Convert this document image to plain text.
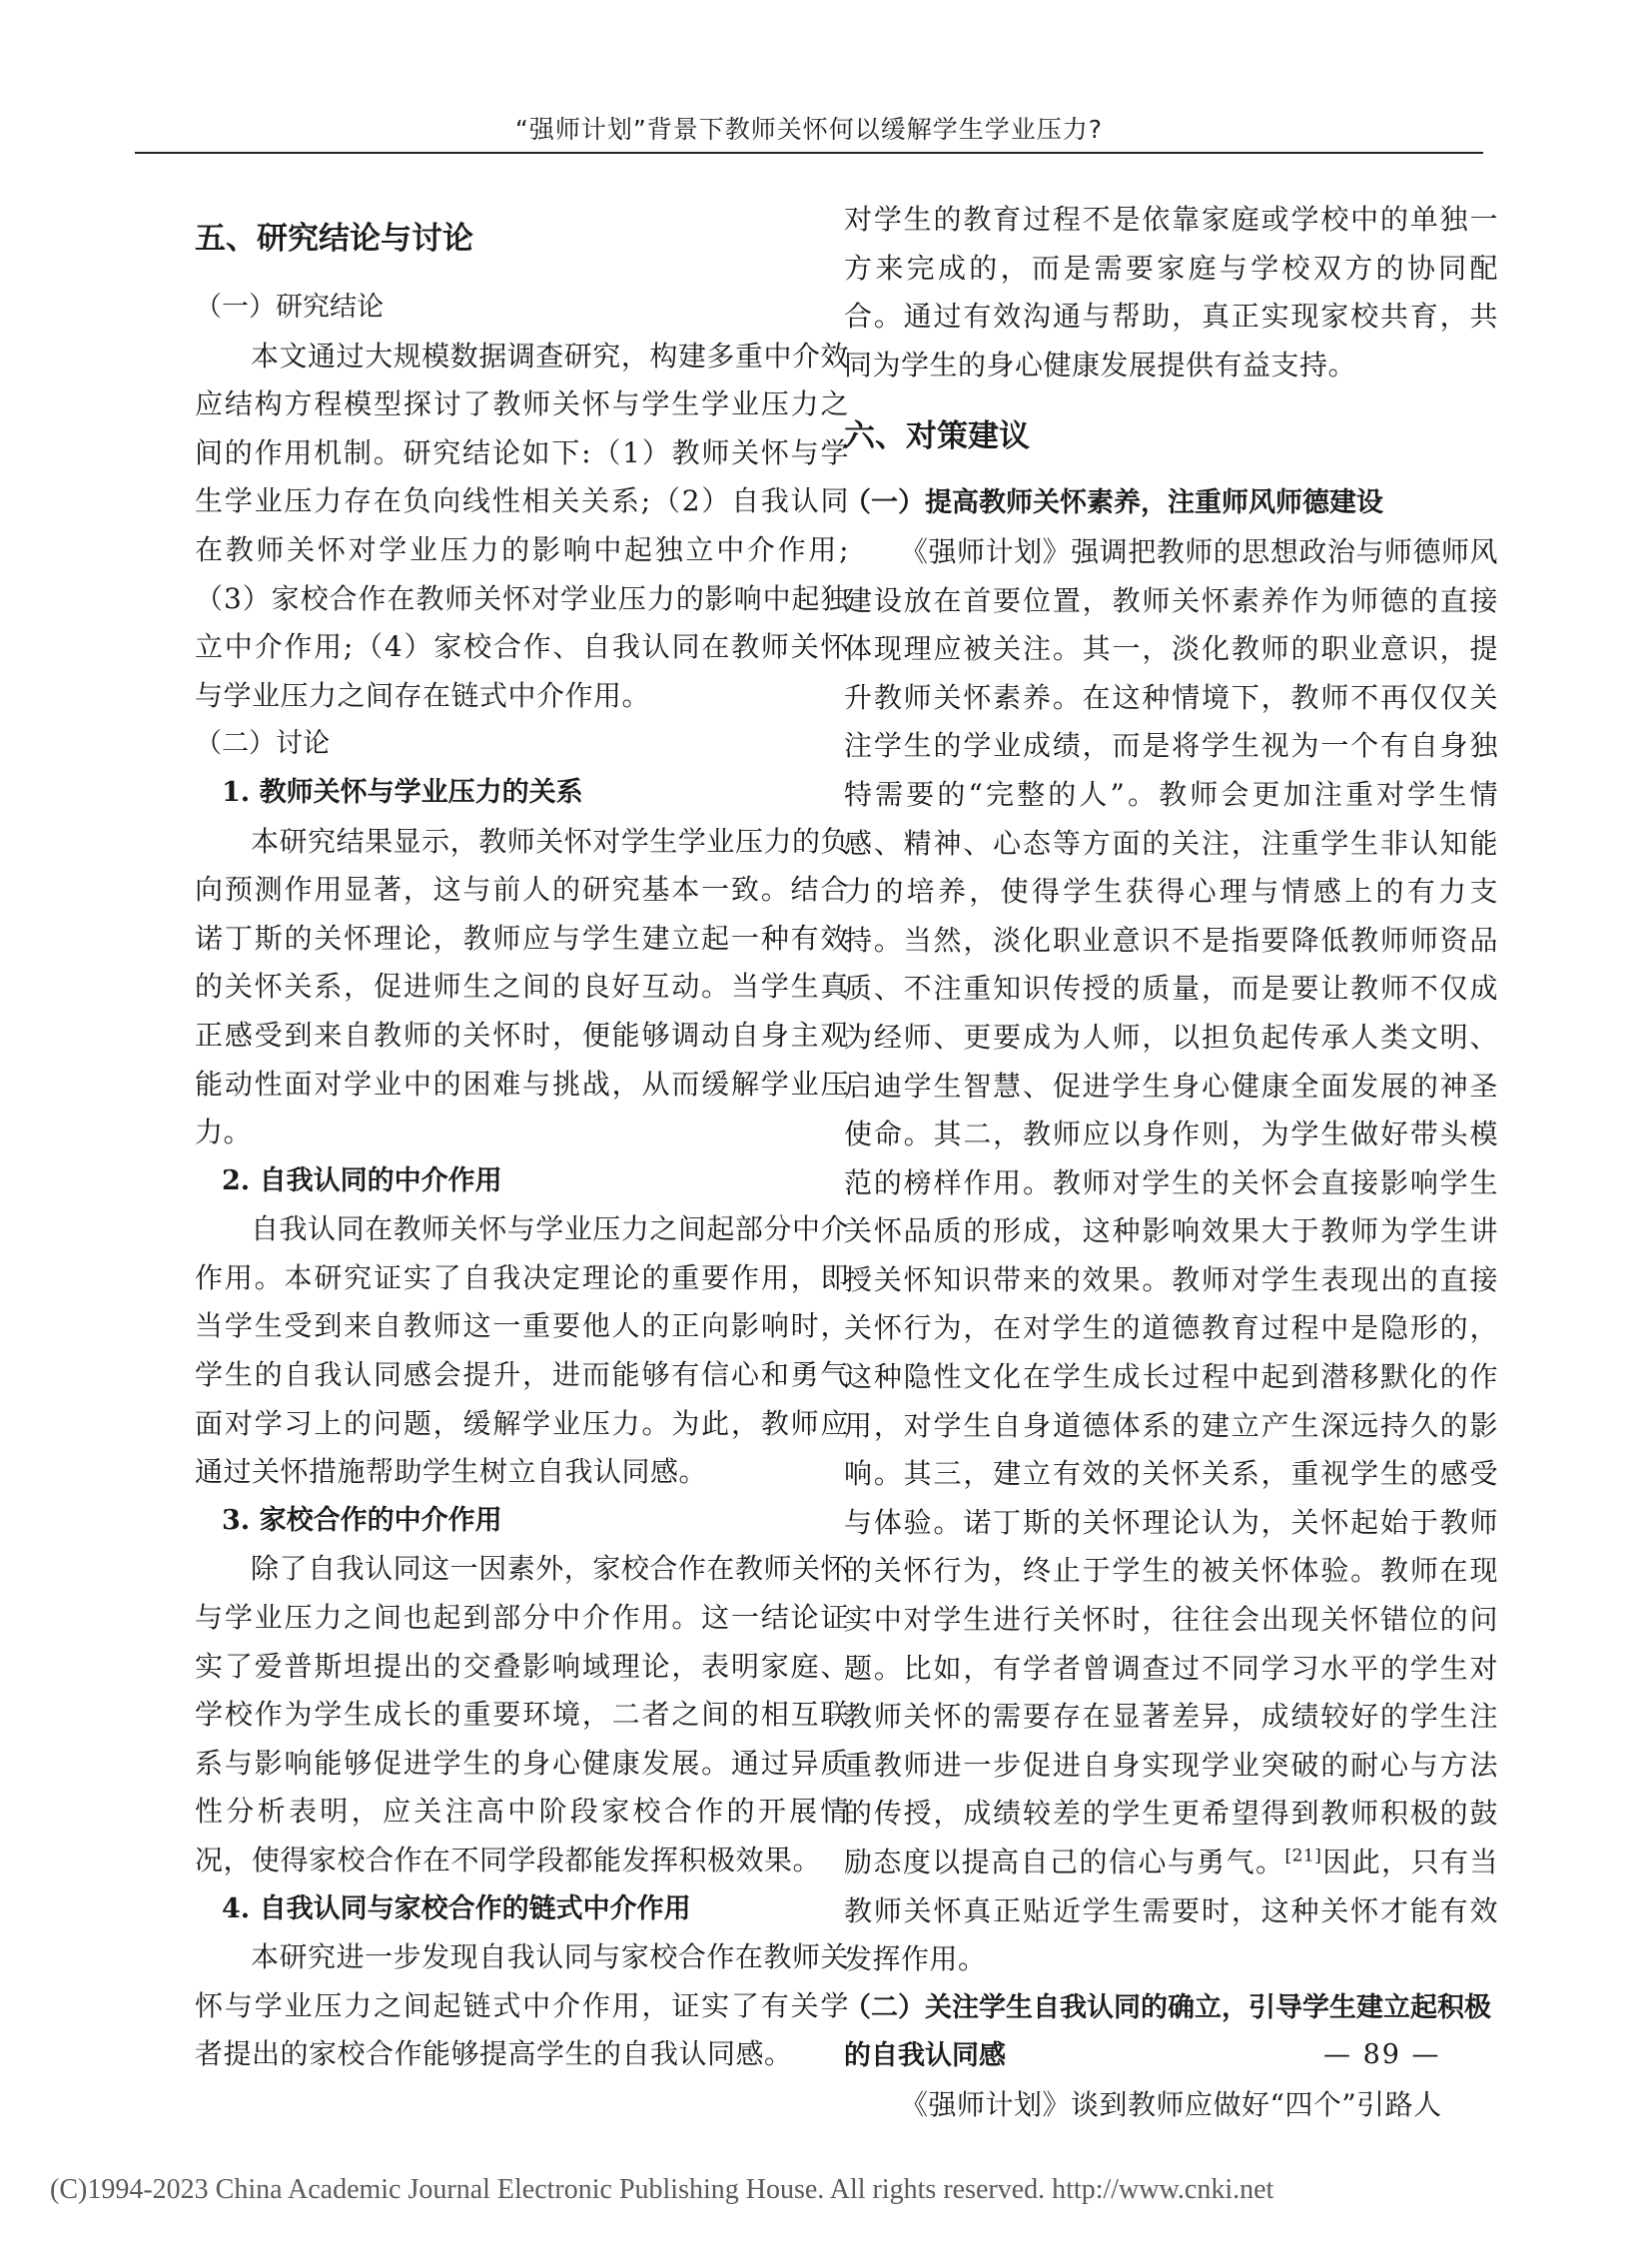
“强师计划”背景下教师关怀何以缓解学生学业压力?
五、研究结论与讨论
（一）研究结论

本文通过大规模数据调查研究，构建多重中介效应结构方程模型探讨了教师关怀与学生学业压力之间的作用机制。研究结论如下:（1）教师关怀与学生学业压力存在负向线性相关关系;（2）自我认同在教师关怀对学业压力的影响中起独立中介作用;（3）家校合作在教师关怀对学业压力的影响中起独立中介作用;（4）家校合作、自我认同在教师关怀与学业压力之间存在链式中介作用。

（二）讨论
1. 教师关怀与学业压力的关系

本研究结果显示，教师关怀对学生学业压力的负向预测作用显著，这与前人的研究基本一致。结合诺丁斯的关怀理论，教师应与学生建立起一种有效的关怀关系，促进师生之间的良好互动。当学生真正感受到来自教师的关怀时，便能够调动自身主观能动性面对学业中的困难与挑战，从而缓解学业压力。

2. 自我认同的中介作用

自我认同在教师关怀与学业压力之间起部分中介作用。本研究证实了自我决定理论的重要作用，即当学生受到来自教师这一重要他人的正向影响时，学生的自我认同感会提升，进而能够有信心和勇气面对学习上的问题，缓解学业压力。为此，教师应通过关怀措施帮助学生树立自我认同感。

3. 家校合作的中介作用

除了自我认同这一因素外，家校合作在教师关怀与学业压力之间也起到部分中介作用。这一结论证实了爱普斯坦提出的交叠影响域理论，表明家庭、学校作为学生成长的重要环境，二者之间的相互联系与影响能够促进学生的身心健康发展。通过异质性分析表明，应关注高中阶段家校合作的开展情况，使得家校合作在不同学段都能发挥积极效果。

4. 自我认同与家校合作的链式中介作用

本研究进一步发现自我认同与家校合作在教师关怀与学业压力之间起链式中介作用，证实了有关学者提出的家校合作能够提高学生的自我认同感。

对学生的教育过程不是依靠家庭或学校中的单独一方来完成的，而是需要家庭与学校双方的协同配合。通过有效沟通与帮助，真正实现家校共育，共同为学生的身心健康发展提供有益支持。

六、对策建议
（一）提高教师关怀素养，注重师风师德建设

《强师计划》强调把教师的思想政治与师德师风建设放在首要位置，教师关怀素养作为师德的直接体现理应被关注。其一，淡化教师的职业意识，提升教师关怀素养。在这种情境下，教师不再仅仅关注学生的学业成绩，而是将学生视为一个有自身独特需要的“完整的人”。教师会更加注重对学生情感、精神、心态等方面的关注，注重学生非认知能力的培养，使得学生获得心理与情感上的有力支持。当然，淡化职业意识不是指要降低教师师资品质、不注重知识传授的质量，而是要让教师不仅成为经师、更要成为人师，以担负起传承人类文明、启迪学生智慧、促进学生身心健康全面发展的神圣使命。其二，教师应以身作则，为学生做好带头模范的榜样作用。教师对学生的关怀会直接影响学生关怀品质的形成，这种影响效果大于教师为学生讲授关怀知识带来的效果。教师对学生表现出的直接关怀行为，在对学生的道德教育过程中是隐形的，这种隐性文化在学生成长过程中起到潜移默化的作用，对学生自身道德体系的建立产生深远持久的影响。其三，建立有效的关怀关系，重视学生的感受与体验。诺丁斯的关怀理论认为，关怀起始于教师的关怀行为，终止于学生的被关怀体验。教师在现实中对学生进行关怀时，往往会出现关怀错位的问题。比如，有学者曾调查过不同学习水平的学生对教师关怀的需要存在显著差异，成绩较好的学生注重教师进一步促进自身实现学业突破的耐心与方法的传授，成绩较差的学生更希望得到教师积极的鼓励态度以提高自己的信心与勇气。[21]因此，只有当教师关怀真正贴近学生需要时，这种关怀才能有效发挥作用。

（二）关注学生自我认同的确立，引导学生建立起积极的自我认同感

《强师计划》谈到教师应做好“四个”引路人

— 89 —
(C)1994-2023 China Academic Journal Electronic Publishing House. All rights reserved. http://www.cnki.net
